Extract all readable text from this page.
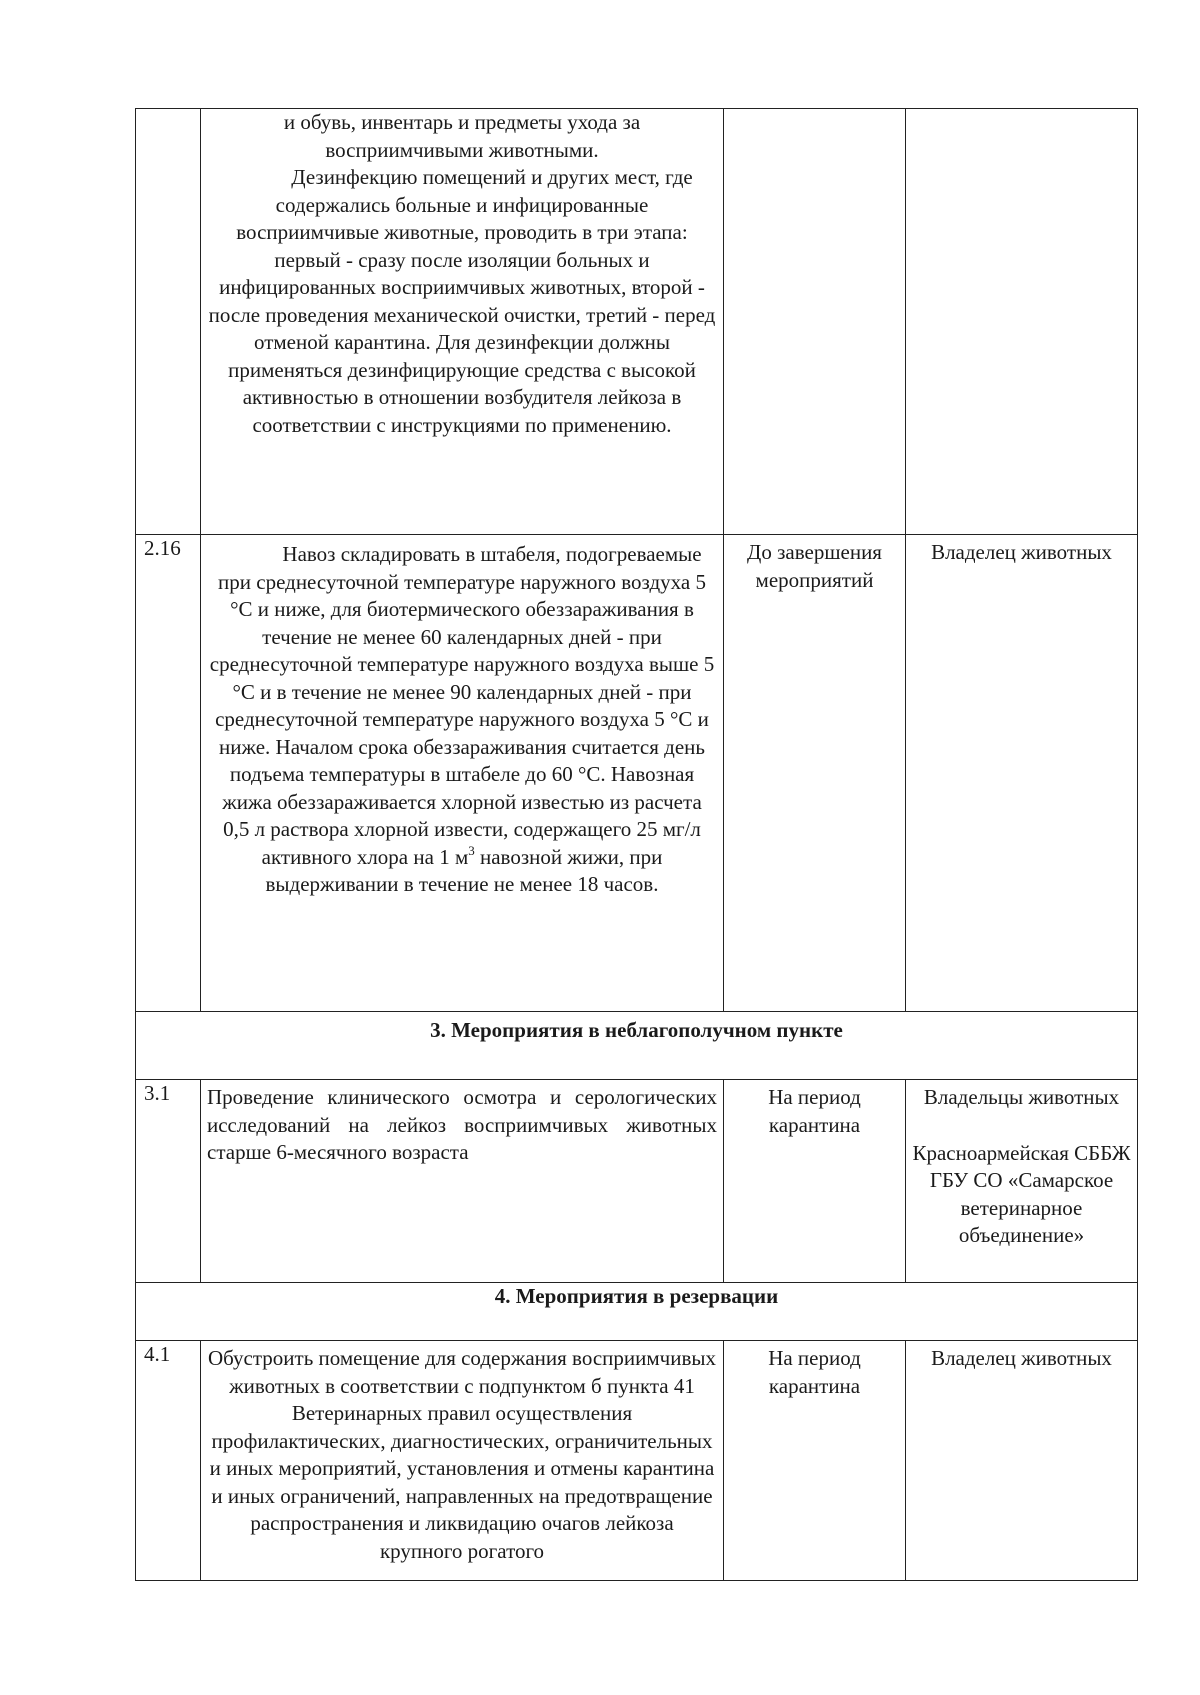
	и обувь, инвентарь и предметы ухода за восприимчивыми животными.
Дезинфекцию помещений и других мест, где содержались больные и инфицированные восприимчивые животные, проводить в три этапа: первый - сразу после изоляции больных и инфицированных восприимчивых животных, второй - после проведения механической очистки, третий - перед отменой карантина. Для дезинфекции должны применяться дезинфицирующие средства с высокой активностью в отношении возбудителя лейкоза в соответствии с инструкциями по применению.		

2.16	Навоз складировать в штабеля, подогреваемые при среднесуточной температуре наружного воздуха 5 °С и ниже, для биотермического обеззараживания в течение не менее 60 календарных дней - при среднесуточной температуре наружного воздуха выше 5 °С и в течение не менее 90 календарных дней - при среднесуточной температуре наружного воздуха 5 °С и ниже. Началом срока обеззараживания считается день подъема температуры в штабеле до 60 °С. Навозная жижа обеззараживается хлорной известью из расчета 0,5 л раствора хлорной извести, содержащего 25 мг/л активного хлора на 1 $м^3$ навозной жижи, при выдерживании в течение не менее 18 часов.	До завершения мероприятий	Владелец животных
3. Мероприятия в неблагополучном пункте			
3.1	Проведение клинического осмотра и серологических исследований на лейкоз восприимчивых животных старше 6-месячного возраста	На период карантина	Владельцы животных
Красноармейская СББЖ ГБУ СО «Самарское ветеринарное объединение»

4. Мероприятия в резервации			
4.1	Обустроить помещение для содержания восприимчивых животных в соответствии с подпунктом б пункта 41 Ветеринарных правил осуществления профилактических, диагностических, ограничительных и иных мероприятий, установления и отмены карантина и иных ограничений, направленных на предотвращение распространения и ликвидацию очагов лейкоза крупного рогатого	На период карантина	Владелец животных
